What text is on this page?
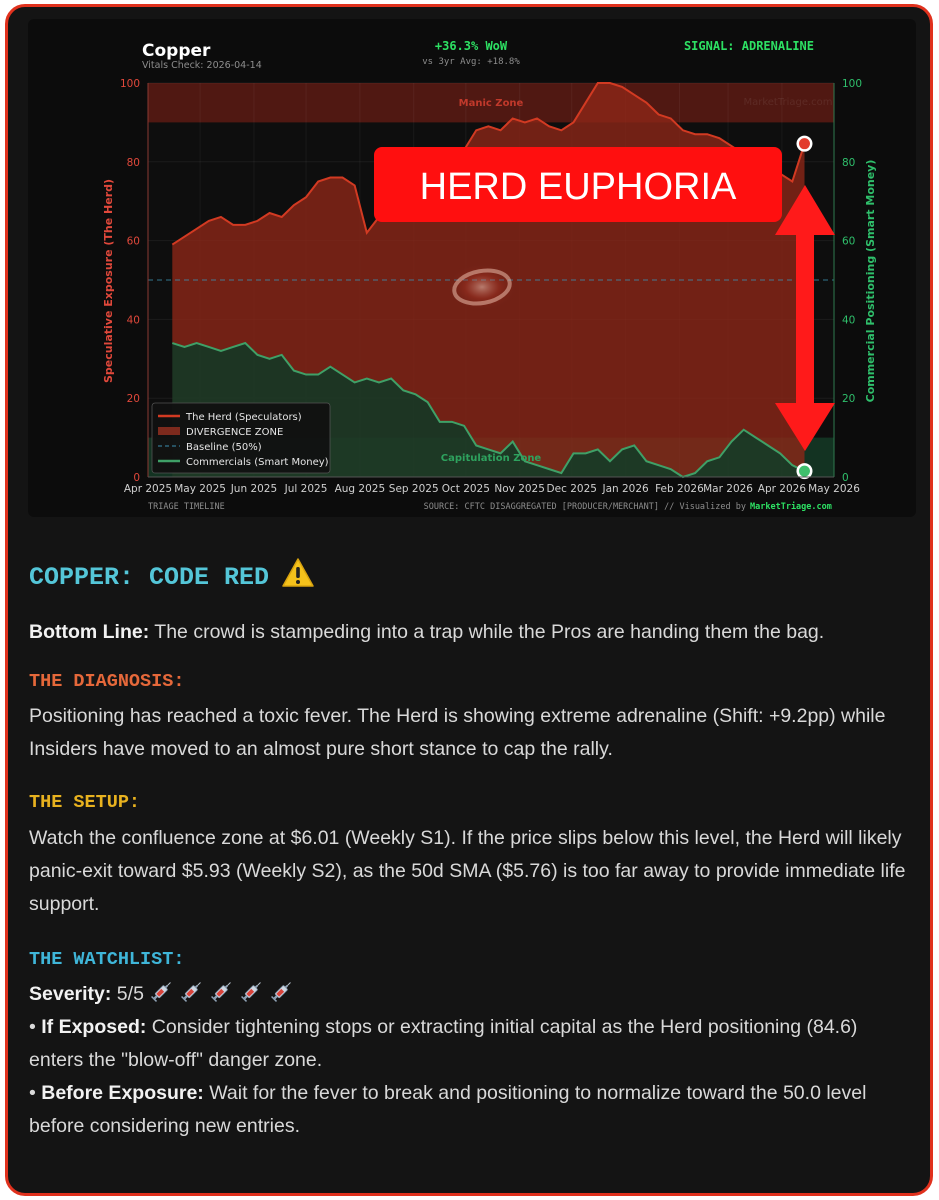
MarketTriage.com
Manic Zone
Capitulation Zone
0	0
20	20
40	40
60	60
80	80
100	100
Apr 2025 May 2025 Jun 2025 Jul 2025 Aug 2025 Sep 2025 Oct 2025 Nov 2025 Dec 2025 Jan 2026 Feb 2026 Mar 2026 Apr 2026 May 2026
Speculative Exposure (The Herd)	Commercial Positioning (Smart Money)
Copper
Vitals Check: 2026-04-14
+36.3% WoW
vs 3yr Avg: +18.8%
SIGNAL: ADRENALINE
TRIAGE TIMELINE	SOURCE: CFTC DISAGGREGATED [PRODUCER/MERCHANT] // Visualized by MarketTriage.com
The Herd (Speculators)
DIVERGENCE ZONE
Baseline (50%)
Commercials (Smart Money)
HERD EUPHORIA
COPPER: CODE RED

Bottom Line: The crowd is stampeding into a trap while the Pros are handing them the bag.

THE DIAGNOSIS:

Positioning has reached a toxic fever. The Herd is showing extreme adrenaline (Shift: +9.2pp) while Insiders have moved to an almost pure short stance to cap the rally.

THE SETUP:

Watch the confluence zone at $6.01 (Weekly S1). If the price slips below this level, the Herd will likely panic-exit toward $5.93 (Weekly S2), as the 50d SMA ($5.76) is too far away to provide immediate life support.

THE WATCHLIST:

Severity: 5/5

• If Exposed: Consider tightening stops or extracting initial capital as the Herd positioning (84.6) enters the "blow-off" danger zone.

• Before Exposure: Wait for the fever to break and positioning to normalize toward the 50.0 level before considering new entries.
